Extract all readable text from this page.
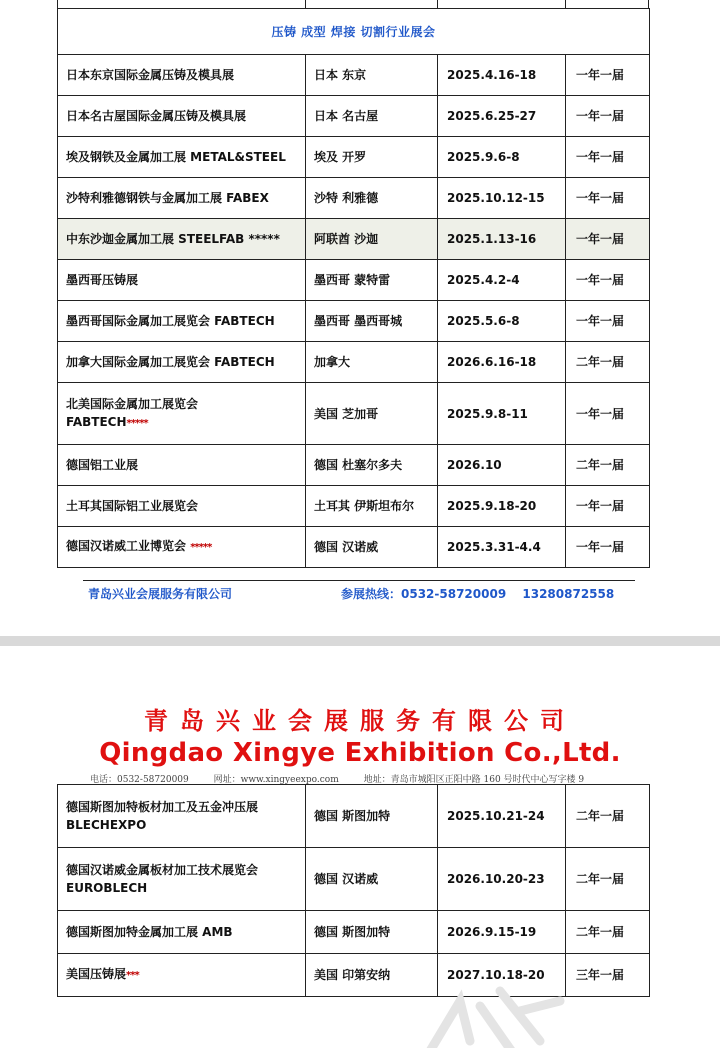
压铸 成型 焊接 切割行业展会			
日本东京国际金属压铸及模具展	日本 东京	2025.4.16-18	一年一届
日本名古屋国际金属压铸及模具展	日本 名古屋	2025.6.25-27	一年一届
埃及钢铁及金属加工展 METAL&STEEL	埃及 开罗	2025.9.6-8	一年一届
沙特利雅德钢铁与金属加工展 FABEX	沙特 利雅德	2025.10.12-15	一年一届
中东沙迦金属加工展 STEELFAB *****	阿联酋 沙迦	2025.1.13-16	一年一届
墨西哥压铸展	墨西哥 蒙特雷	2025.4.2-4	一年一届
墨西哥国际金属加工展览会 FABTECH	墨西哥 墨西哥城	2025.5.6-8	一年一届
加拿大国际金属加工展览会 FABTECH	加拿大	2026.6.16-18	二年一届

北美国际金属加工展览会
FABTECH*****	美国 芝加哥	2025.9.8-11	一年一届
德国铝工业展	德国 杜塞尔多夫	2026.10	二年一届
土耳其国际铝工业展览会	土耳其 伊斯坦布尔	2025.9.18-20	一年一届
德国汉诺威工业博览会 *****	德国 汉诺威	2025.3.31-4.4	一年一届
青岛兴业会展服务有限公司	参展热线：0532-58720009 13280872558
青岛兴业会展服务有限公司
Qingdao Xingye Exhibition Co.,Ltd.
电话：0532-58720009	网址：www.xingyeexpo.com	地址：青岛市城阳区正阳中路 160 号时代中心写字楼 9
德国斯图加特板材加工及五金冲压展
BLECHEXPO	德国 斯图加特	2025.10.21-24	二年一届

德国汉诺威金属板材加工技术展览会
EUROBLECH	德国 汉诺威	2026.10.20-23	二年一届
德国斯图加特金属加工展 AMB	德国 斯图加特	2026.9.15-19	二年一届
美国压铸展***	美国 印第安纳	2027.10.18-20	三年一届
